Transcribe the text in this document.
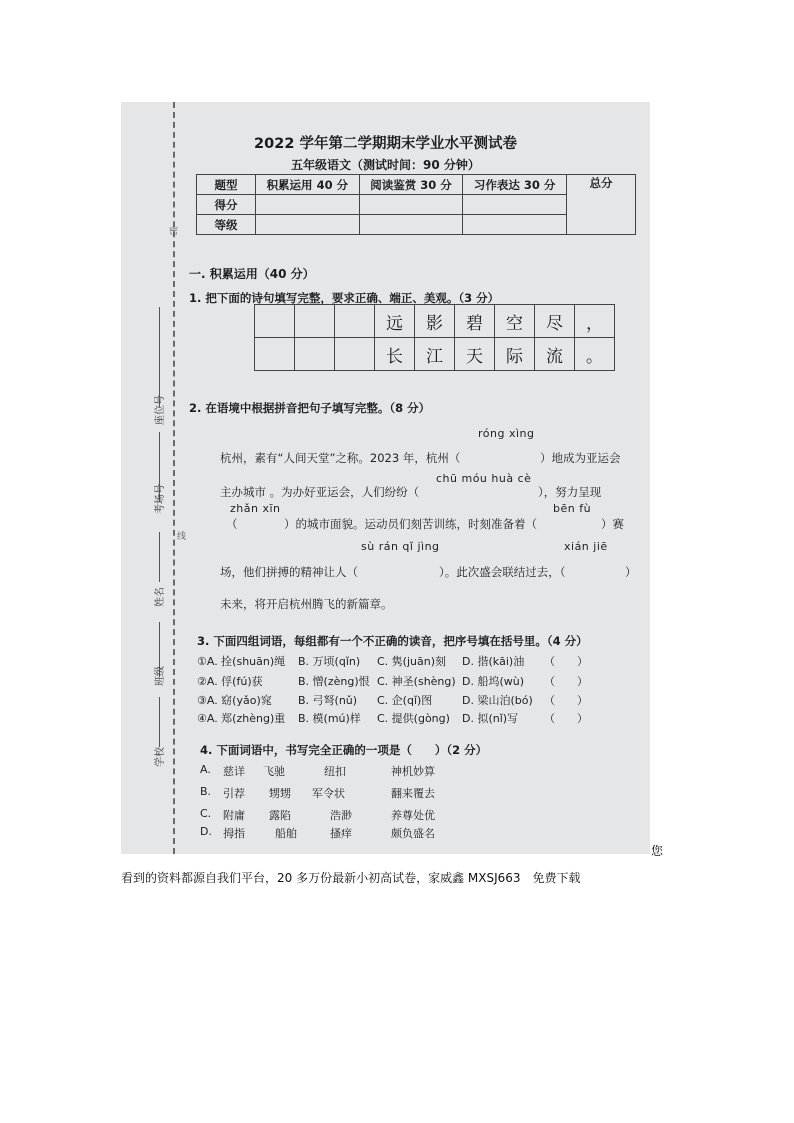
座位号
考场号
姓名
班级
学校
密
线
2022 学年第二学期期末学业水平测试卷
五年级语文（测试时间：90 分钟）
题型	积累运用 40 分	阅读鉴赏 30 分	习作表达 30 分	总分
得分				
等级				
一. 积累运用（40 分）
1. 把下面的诗句填写完整，要求正确、端正、美观。（3 分）
			远	影	碧	空	尽	，
			长	江	天	际	流	。
2. 在语境中根据拼音把句子填写完整。（8 分）
róng xìng
杭州，素有“人间天堂”之称。2023 年，杭州（	）地成为亚运会
chū móu huà cè
主办城市 。为办好亚运会，人们纷纷（	），努力呈现
zhǎn xīn	bēn fù
（	）的城市面貌。运动员们刻苦训练，时刻准备着（	）赛
sù rán qǐ jìng	xián jiē
场，他们拼搏的精神让人（	）。此次盛会联结过去，（	）
未来，将开启杭州腾飞的新篇章。
3. 下面四组词语，每组都有一个不正确的读音，把序号填在括号里。（4 分）
①A. 拴(shuān)绳 B. 万顷(qǐn) C. 隽(juān)刻 D. 揩(kāi)油 （　　）
②A. 俘(fú)获	B. 憎(zèng)恨 C. 神圣(shèng) D. 船坞(wù) （　　）
③A. 窈(yǎo)窕 B. 弓弩(nǔ) C. 企(qǐ)图	D. 梁山泊(bó) （　　）
④A. 郑(zhèng)重 B. 模(mú)样 C. 提供(gòng) D. 拟(nǐ)写 （　　）
4. 下面词语中，书写完全正确的一项是（　　）（2 分）
A. 慈详 飞驰	纽扣	神机妙算
B. 引荐 甥甥 军令状	翻来覆去
C. 附庸 露陷	浩渺	养尊处优
D. 拇指	船舶	搔痒	颇负盛名
您
看到的资料都源自我们平台，20 多万份最新小初高试卷，家威鑫 MXSJ663　免费下载
